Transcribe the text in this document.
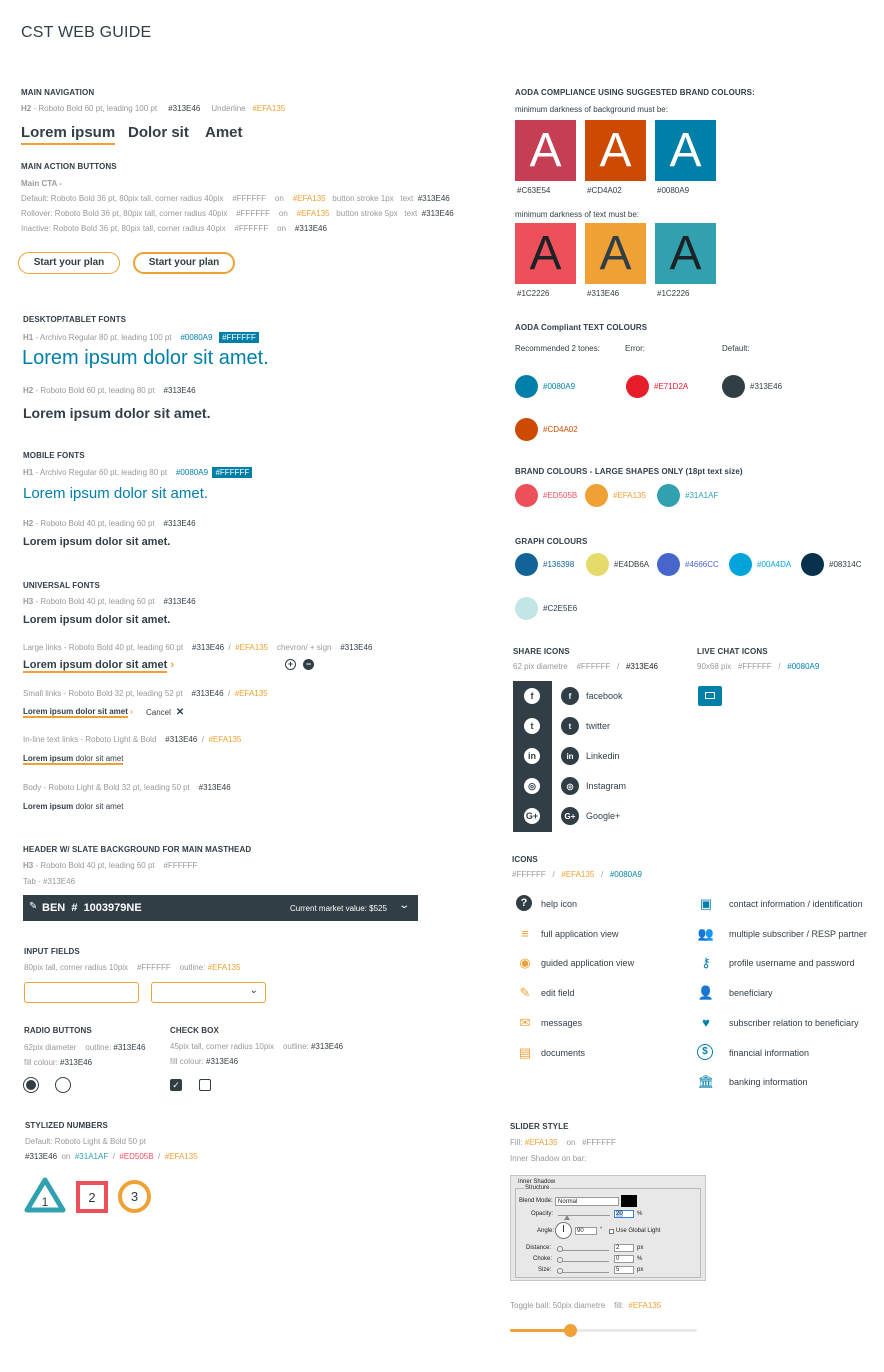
CST WEB GUIDE
MAIN NAVIGATION
H2 - Roboto Bold 60 pt, leading 100 pt #313E46 Underline #EFA135
Lorem ipsum Dolor sit Amet
MAIN ACTION BUTTONS
Main CTA -
Default: Roboto Bold 36 pt, 80pix tall, corner radius 40pix #FFFFFF on #EFA135 button stroke 1px text #313E46
Rollover: Roboto Bold 36 pt, 80pix tall, corner radius 40pix #FFFFFF on #EFA135 button stroke 5px text #313E46
Inactive: Roboto Bold 36 pt, 80pix tall, corner radius 40pix #FFFFFF on #313E46
Start your plan	Start your plan
DESKTOP/TABLET FONTS
H1 - Archivo Regular 80 pt, leading 100 pt #0080A9 #FFFFFF
Lorem ipsum dolor sit amet.
H2 - Roboto Bold 60 pt, leading 80 pt #313E46
Lorem ipsum dolor sit amet.
MOBILE FONTS
H1 - Archivo Regular 60 pt, leading 80 pt #0080A9 #FFFFFF
Lorem ipsum dolor sit amet.
H2 - Roboto Bold 40 pt, leading 60 pt #313E46
Lorem ipsum dolor sit amet.
UNIVERSAL FONTS
H3 - Roboto Bold 40 pt, leading 60 pt #313E46
Lorem ipsum dolor sit amet.
Large links - Roboto Bold 40 pt, leading 60 pt #313E46 / #EFA135 chevron/ + sign #313E46
Lorem ipsum dolor sit amet ›	+	−
Small links - Roboto Bold 32 pt, leading 52 pt #313E46 / #EFA135
Lorem ipsum dolor sit amet › Cancel  ✕
In-line text links - Roboto Light & Bold #313E46 / #EFA135
Lorem ipsum dolor sit amet
Body - Roboto Light & Bold 32 pt, leading 50 pt #313E46
Lorem ipsum dolor sit amet
HEADER W/ SLATE BACKGROUND FOR MAIN MASTHEAD
H3 - Roboto Bold 40 pt, leading 60 pt #FFFFFF
Tab - #313E46
✎ BEN  #  1003979NE	Current market value: $525 ⌄
INPUT FIELDS
80pix tall, corner radius 10pix #FFFFFF outline: #EFA135
⌄
RADIO BUTTONS
62pix diameter outline: #313E46
fill colour: #313E46
CHECK BOX
45pix tall, corner radius 10pix outline: #313E46
fill colour: #313E46
✓
STYLIZED NUMBERS
Default: Roboto Light & Bold 50 pt
#313E46 on #31A1AF / #ED505B / #EFA135
1	2	3
AODA COMPLIANCE USING SUGGESTED BRAND COLOURS:
minimum darkness of background must be:
A
#C63E54
A
#CD4A02
A
#0080A9
minimum darkness of text must be:
A
#1C2226
A
#313E46
A
#1C2226
AODA Compliant TEXT COLOURS
Recommended 2 tones:	Error:	Default:
#0080A9	#E71D2A	#313E46
#CD4A02
BRAND COLOURS - LARGE SHAPES ONLY (18pt text size)
#ED505B	#EFA135	#31A1AF
GRAPH COLOURS
#136398	#E4DB6A	#4666CC	#00A4DA	#08314C
#C2E5E6
SHARE ICONS
62 pix diametre #FFFFFF / #313E46
f	f	facebook
t	t	twitter
in	in	Linkedin
◎	◎	Instagram
G+	G+	Google+
LIVE CHAT ICONS
90x68 pix #FFFFFF / #0080A9
ICONS
#FFFFFF / #EFA135 / #0080A9
?	help icon
≡	full application view
◉	guided application view
✎	edit field
✉	messages
▤	documents
▣	contact information / identification
👥 multiple subscriber / RESP partner
⚷	profile username and password
👤 beneficiary
♥	subscriber relation to beneficiary
$	financial information
🏛 banking information
SLIDER STYLE
Fill: #EFA135 on #FFFFFF
Inner Shadow on bar:
Inner Shadow
Structure
Blend Mode: Normal
Opacity:	20 %
Angle:	90	° Use Global Light
Distance:	2	px
Choke:	0	%
Size:	5	px
Toggle ball: 50pix diametre fill: #EFA135
